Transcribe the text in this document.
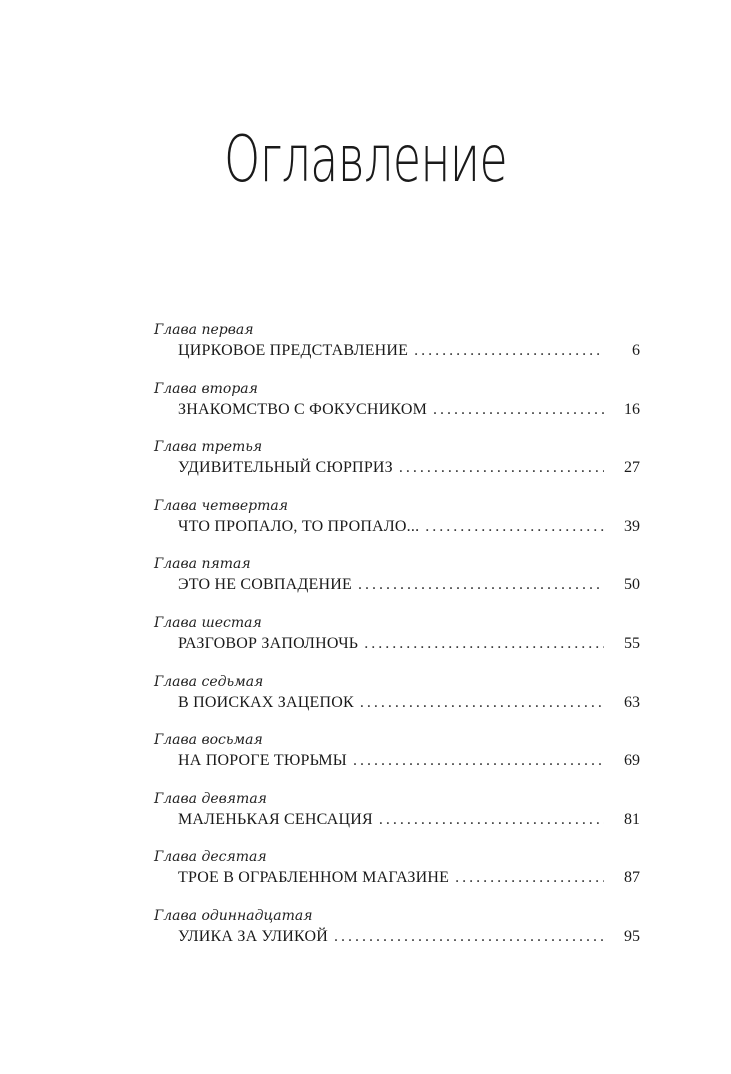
Оглавление
Глава первая
ЦИРКОВОЕ ПРЕДСТАВЛЕНИЕ .....	6
Глава вторая
ЗНАКОМСТВО С ФОКУСНИКОМ .....	16
Глава третья
УДИВИТЕЛЬНЫЙ СЮРПРИЗ .....	27
Глава четвертая
ЧТО ПРОПАЛО, ТО ПРОПАЛО... .....	39
Глава пятая
ЭТО НЕ СОВПАДЕНИЕ .....	50
Глава шестая
РАЗГОВОР ЗАПОЛНОЧЬ .....	55
Глава седьмая
В ПОИСКАХ ЗАЦЕПОК .....	63
Глава восьмая
НА ПОРОГЕ ТЮРЬМЫ .....	69
Глава девятая
МАЛЕНЬКАЯ СЕНСАЦИЯ .....	81
Глава десятая
ТРОЕ В ОГРАБЛЕННОМ МАГАЗИНЕ .....	87
Глава одиннадцатая
УЛИКА ЗА УЛИКОЙ .....	95
